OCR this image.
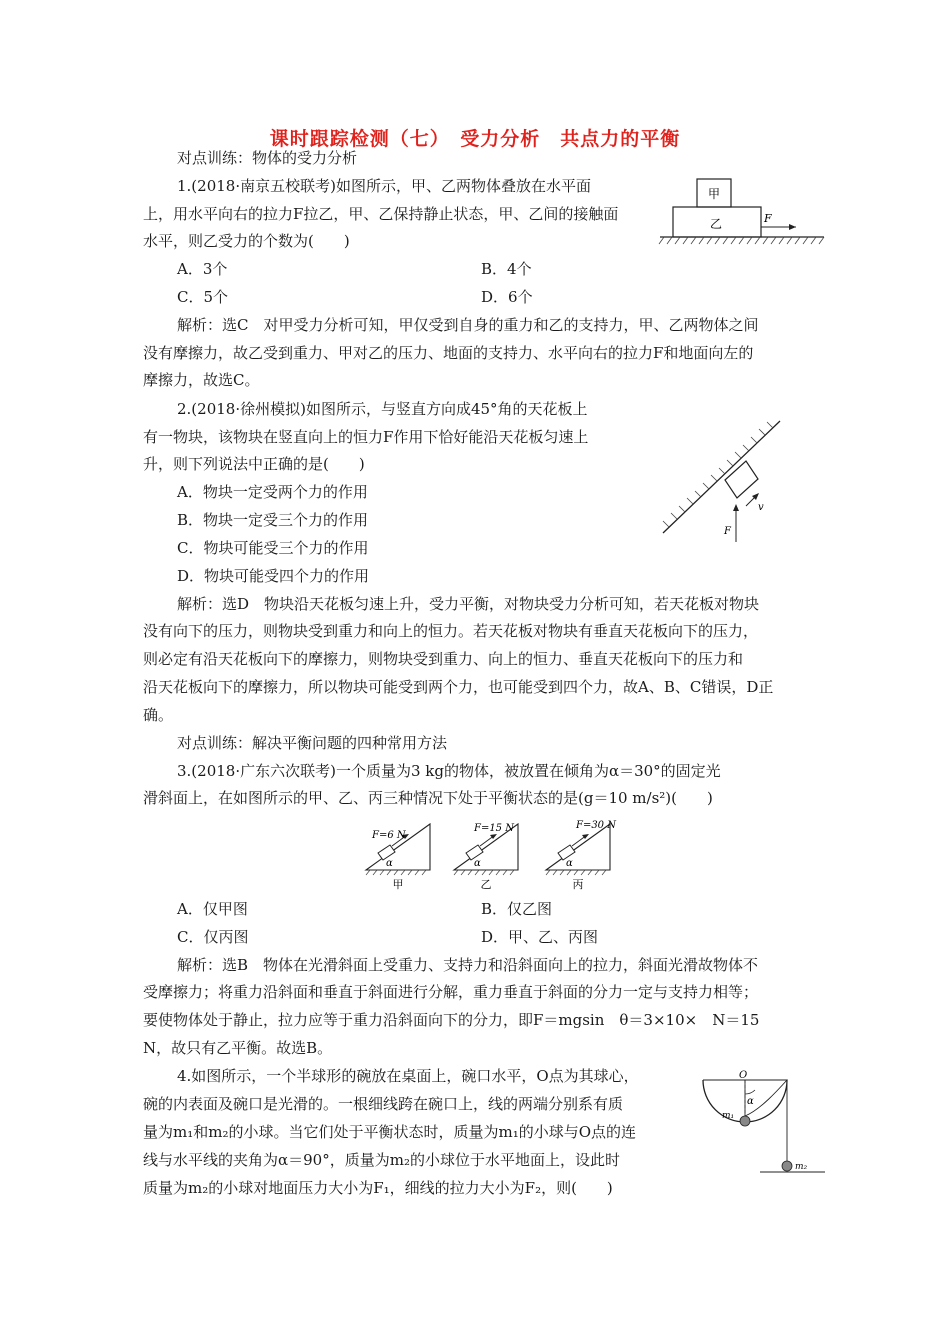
课时跟踪检测（七）　受力分析　共点力的平衡
对点训练：物体的受力分析
1.(2018·南京五校联考)如图所示，甲、乙两物体叠放在水平面
上，用水平向右的拉力F拉乙，甲、乙保持静止状态，甲、乙间的接触面
水平，则乙受力的个数为(　　)
A．3个	B．4个
C．5个	D．6个
解析：选C　对甲受力分析可知，甲仅受到自身的重力和乙的支持力，甲、乙两物体之间
没有摩擦力，故乙受到重力、甲对乙的压力、地面的支持力、水平向右的拉力F和地面向左的
摩擦力，故选C。
甲
乙	F
2.(2018·徐州模拟)如图所示，与竖直方向成45°角的天花板上
有一物块，该物块在竖直向上的恒力F作用下恰好能沿天花板匀速上
升，则下列说法中正确的是(　　)
A．物块一定受两个力的作用
B．物块一定受三个力的作用
C．物块可能受三个力的作用
D．物块可能受四个力的作用
解析：选D　物块沿天花板匀速上升，受力平衡，对物块受力分析可知，若天花板对物块
没有向下的压力，则物块受到重力和向上的恒力。若天花板对物块有垂直天花板向下的压力，
则必定有沿天花板向下的摩擦力，则物块受到重力、向上的恒力、垂直天花板向下的压力和
沿天花板向下的摩擦力，所以物块可能受到两个力，也可能受到四个力，故A、B、C错误，D正
确。
F
v
对点训练：解决平衡问题的四种常用方法
3.(2018·广东六次联考)一个质量为3 kg的物体，被放置在倾角为α＝30°的固定光
滑斜面上，在如图所示的甲、乙、丙三种情况下处于平衡状态的是(g＝10 m/s²)(　　)
F=6 N
α
甲
F=15 N
α
乙
F=30 N
α
丙
A．仅甲图	B．仅乙图
C．仅丙图	D．甲、乙、丙图
解析：选B　物体在光滑斜面上受重力、支持力和沿斜面向上的拉力，斜面光滑故物体不
受摩擦力；将重力沿斜面和垂直于斜面进行分解，重力垂直于斜面的分力一定与支持力相等；
要使物体处于静止，拉力应等于重力沿斜面向下的分力，即F＝mgsin　θ＝3×10×　N＝15
N，故只有乙平衡。故选B。
4.如图所示，一个半球形的碗放在桌面上，碗口水平，O点为其球心，
碗的内表面及碗口是光滑的。一根细线跨在碗口上，线的两端分别系有质
量为m₁和m₂的小球。当它们处于平衡状态时，质量为m₁的小球与O点的连
线与水平线的夹角为α＝90°，质量为m₂的小球位于水平地面上，设此时
质量为m₂的小球对地面压力大小为F₁，细线的拉力大小为F₂，则(　　)
α
O
m₁
m₂
